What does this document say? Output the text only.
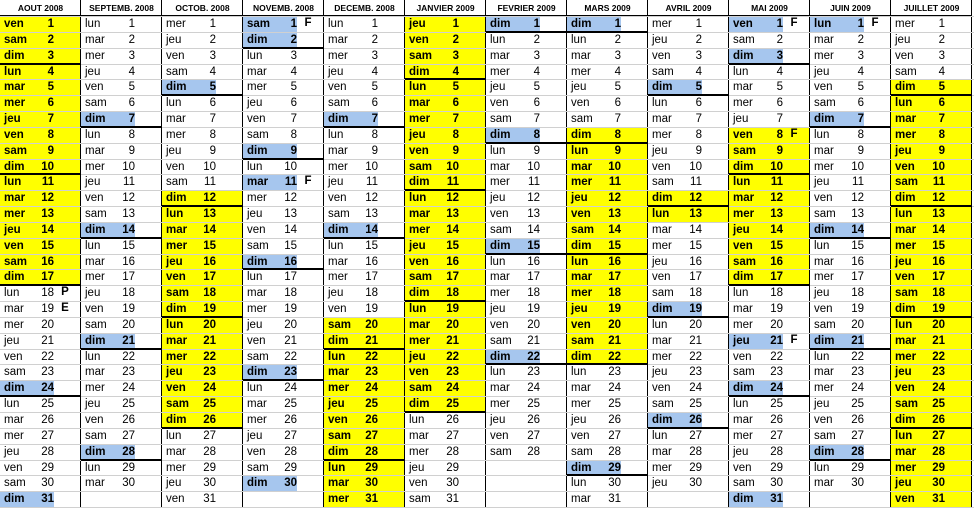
AOUT 2008
ven	1
sam	2
dim	3
lun	4
mar	5
mer	6
jeu	7
ven	8
sam	9
dim	10
lun	11
mar	12
mer	13
jeu	14
ven	15
sam	16
dim	17
lun	18 P
mar	19 E
mer	20
jeu	21
ven	22
sam	23
dim	24
lun	25
mar	26
mer	27
jeu	28
ven	29
sam	30
dim	31
SEPTEMB. 2008
lun	1
mar	2
mer	3
jeu	4
ven	5
sam	6
dim	7
lun	8
mar	9
mer	10
jeu	11
ven	12
sam	13
dim	14
lun	15
mar	16
mer	17
jeu	18
ven	19
sam	20
dim	21
lun	22
mar	23
mer	24
jeu	25
ven	26
sam	27
dim	28
lun	29
mar	30
OCTOB. 2008
mer	1
jeu	2
ven	3
sam	4
dim	5
lun	6
mar	7
mer	8
jeu	9
ven	10
sam	11
dim	12
lun	13
mar	14
mer	15
jeu	16
ven	17
sam	18
dim	19
lun	20
mar	21
mer	22
jeu	23
ven	24
sam	25
dim	26
lun	27
mar	28
mer	29
jeu	30
ven	31
NOVEMB. 2008
sam	1 F
dim	2
lun	3
mar	4
mer	5
jeu	6
ven	7
sam	8
dim	9
lun	10
mar	11 F
mer	12
jeu	13
ven	14
sam	15
dim	16
lun	17
mar	18
mer	19
jeu	20
ven	21
sam	22
dim	23
lun	24
mar	25
mer	26
jeu	27
ven	28
sam	29
dim	30
DECEMB. 2008
lun	1
mar	2
mer	3
jeu	4
ven	5
sam	6
dim	7
lun	8
mar	9
mer	10
jeu	11
ven	12
sam	13
dim	14
lun	15
mar	16
mer	17
jeu	18
ven	19
sam	20
dim	21
lun	22
mar	23
mer	24
jeu	25
ven	26
sam	27
dim	28
lun	29
mar	30
mer	31
JANVIER 2009
jeu	1
ven	2
sam	3
dim	4
lun	5
mar	6
mer	7
jeu	8
ven	9
sam	10
dim	11
lun	12
mar	13
mer	14
jeu	15
ven	16
sam	17
dim	18
lun	19
mar	20
mer	21
jeu	22
ven	23
sam	24
dim	25
lun	26
mar	27
mer	28
jeu	29
ven	30
sam	31
FEVRIER 2009
dim	1
lun	2
mar	3
mer	4
jeu	5
ven	6
sam	7
dim	8
lun	9
mar	10
mer	11
jeu	12
ven	13
sam	14
dim	15
lun	16
mar	17
mer	18
jeu	19
ven	20
sam	21
dim	22
lun	23
mar	24
mer	25
jeu	26
ven	27
sam	28
MARS 2009
dim	1
lun	2
mar	3
mer	4
jeu	5
ven	6
sam	7
dim	8
lun	9
mar	10
mer	11
jeu	12
ven	13
sam	14
dim	15
lun	16
mar	17
mer	18
jeu	19
ven	20
sam	21
dim	22
lun	23
mar	24
mer	25
jeu	26
ven	27
sam	28
dim	29
lun	30
mar	31
AVRIL 2009
mer	1
jeu	2
ven	3
sam	4
dim	5
lun	6
mar	7
mer	8
jeu	9
ven	10
sam	11
dim	12
lun	13
mar	14
mer	15
jeu	16
ven	17
sam	18
dim	19
lun	20
mar	21
mer	22
jeu	23
ven	24
sam	25
dim	26
lun	27
mar	28
mer	29
jeu	30
MAI 2009
ven	1 F
sam	2
dim	3
lun	4
mar	5
mer	6
jeu	7
ven	8 F
sam	9
dim	10
lun	11
mar	12
mer	13
jeu	14
ven	15
sam	16
dim	17
lun	18
mar	19
mer	20
jeu	21 F
ven	22
sam	23
dim	24
lun	25
mar	26
mer	27
jeu	28
ven	29
sam	30
dim	31
JUIN 2009
lun	1 F
mar	2
mer	3
jeu	4
ven	5
sam	6
dim	7
lun	8
mar	9
mer	10
jeu	11
ven	12
sam	13
dim	14
lun	15
mar	16
mer	17
jeu	18
ven	19
sam	20
dim	21
lun	22
mar	23
mer	24
jeu	25
ven	26
sam	27
dim	28
lun	29
mar	30
JUILLET 2009
mer	1
jeu	2
ven	3
sam	4
dim	5
lun	6
mar	7
mer	8
jeu	9
ven	10
sam	11
dim	12
lun	13
mar	14
mer	15
jeu	16
ven	17
sam	18
dim	19
lun	20
mar	21
mer	22
jeu	23
ven	24
sam	25
dim	26
lun	27
mar	28
mer	29
jeu	30
ven	31
